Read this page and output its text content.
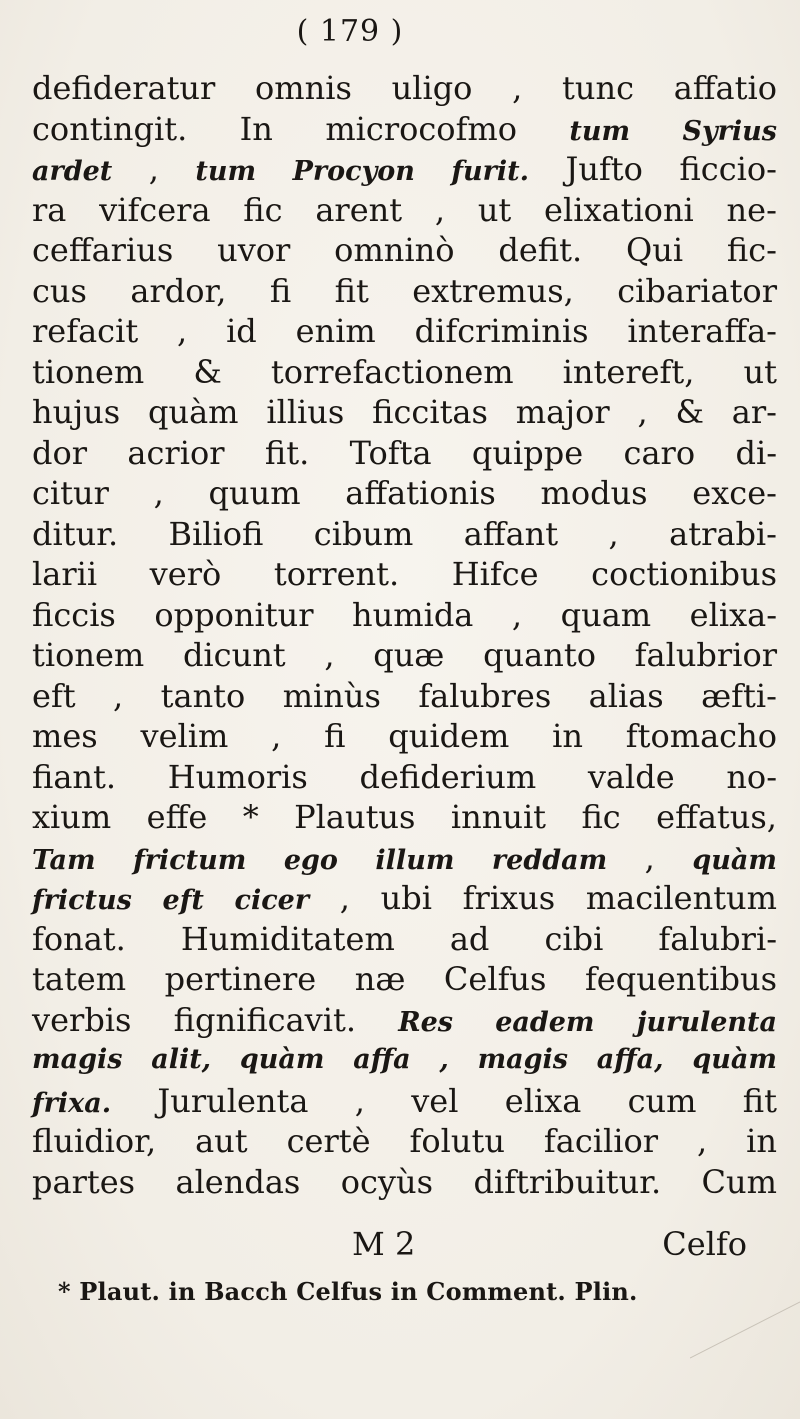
( 179 )
defideratur omnis uligo , tunc affatio
contingit. In microcofmo tum Syrius
ardet , tum Procyon furit. Jufto ficcio-
ra vifcera fic arent , ut elixationi ne-
ceffarius uvor omninò defit. Qui fic-
cus ardor, fi fit extremus, cibariator
refacit , id enim difcriminis interaffa-
tionem & torrefactionem intereft, ut
hujus quàm illius ficcitas major , & ar-
dor acrior fit. Tofta quippe caro di-
citur , quum affationis modus exce-
ditur. Biliofi cibum affant , atrabi-
larii verò torrent. Hifce coctionibus
ficcis opponitur humida , quam elixa-
tionem dicunt , quæ quanto falubrior
eft , tanto minùs falubres alias æfti-
mes velim , fi quidem in ftomacho
fiant. Humoris defiderium valde no-
xium effe * Plautus innuit fic effatus,
Tam frictum ego illum reddam , quàm
frictus eft cicer , ubi frixus macilentum
fonat. Humiditatem ad cibi falubri-
tatem pertinere næ Celfus fequentibus
verbis fignificavit. Res eadem jurulenta
magis alit, quàm affa , magis affa, quàm
frixa. Jurulenta , vel elixa cum fit
fluidior, aut certè folutu facilior , in
partes alendas ocyùs diftribuitur. Cum
M 2	Celfo
* Plaut. in Bacch Celfus in Comment. Plin.
